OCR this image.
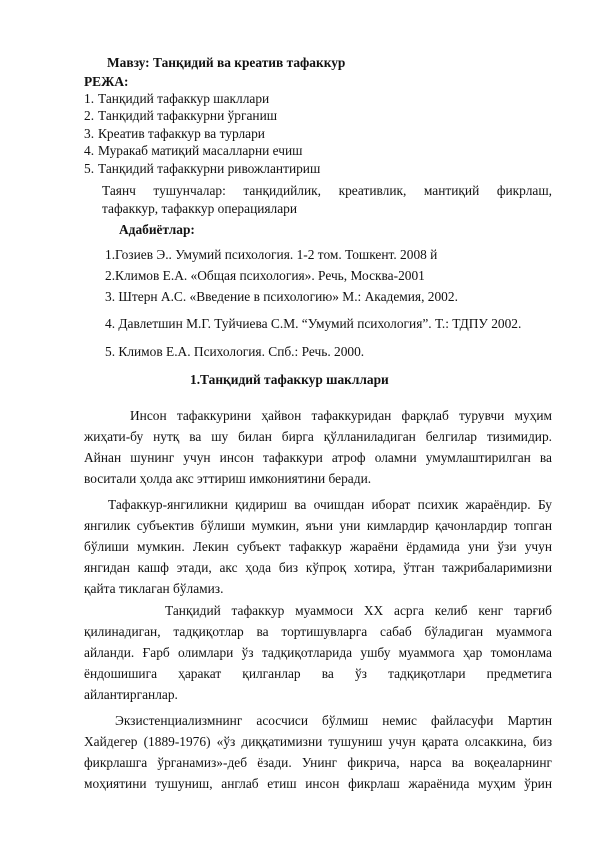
Мавзу: Танқидий ва креатив тафаккур
РЕЖА:
1. Танқидий тафаккур шакллари
2. Танқидий тафаккурни ўрганиш
3. Креатив тафаккур ва турлари
4. Муракаб матиқий масалларни ечиш
5. Танқидий тафаккурни ривожлантириш
Таянч тушунчалар: танқидийлик, креативлик, мантиқий фикрлаш,
тафаккур, тафаккур операциялари
Адабиётлар:
1.Гозиев Э.. Умумий психология. 1-2 том. Тошкент. 2008 й
2.Климов Е.А. «Общая психология». Речь, Москва-2001
3. Штерн А.С. «Введение в психологию» М.: Академия, 2002.
4. Давлетшин М.Г. Туйчиева С.М. “Умумий психология”. Т.: ТДПУ 2002.
5. Климов Е.А. Психология. Спб.: Речь. 2000.
1.Танқидий тафаккур шакллари
Инсон тафаккурини ҳайвон тафаккуридан фарқлаб турувчи муҳим
жиҳати-бу нутқ ва шу билан бирга қўлланиладиган белгилар тизимидир.
Айнан шунинг учун инсон тафаккури атроф оламни умумлаштирилган ва
воситали ҳолда акс эттириш имкониятини беради.
Тафаккур-янгиликни қидириш ва очишдан иборат психик жараёндир. Бу
янгилик субъектив бўлиши мумкин, яъни уни кимлардир қачонлардир топган
бўлиши мумкин. Лекин субъект тафаккур жараёни ёрдамида уни ўзи учун
янгидан кашф этади, акс ҳода биз кўпроқ хотира, ўтган тажрибаларимизни
қайта тиклаган бўламиз.
Танқидий тафаккур муаммоси XX асрга келиб кенг тарғиб
қилинадиган, тадқиқотлар ва тортишувларга сабаб бўладиган муаммога
айланди. Ғарб олимлари ўз тадқиқотларида ушбу муаммога ҳар томонлама
ёндошишига ҳаракат қилганлар ва ўз тадқиқотлари предметига
айлантирганлар.
Экзистенциализмнинг асосчиси бўлмиш немис файласуфи Мартин
Хайдегер (1889-1976) «ўз диққатимизни тушуниш учун қарата олсаккина, биз
фикрлашга ўрганамиз»-деб ёзади. Унинг фикрича, нарса ва воқеаларнинг
моҳиятини тушуниш, англаб етиш инсон фикрлаш жараёнида муҳим ўрин
